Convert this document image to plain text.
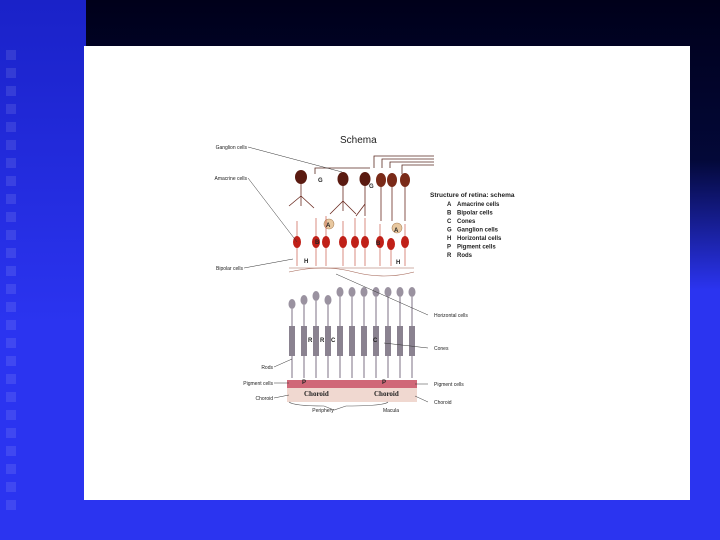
Schema
Ganglion cells
Amacrine cells
Bipolar cells
Rods
Pigment cells
Choroid
Horizontal cells
Cones
Pigment cells
Choroid
G
G
A
A
B	B
H	H
R R C	C
P	P
Choroid	Choroid
Periphery	Macula
Structure of retina: schema
A Amacrine cells
B Bipolar cells
C Cones
G Ganglion cells
H Horizontal cells
P Pigment cells
R Rods
